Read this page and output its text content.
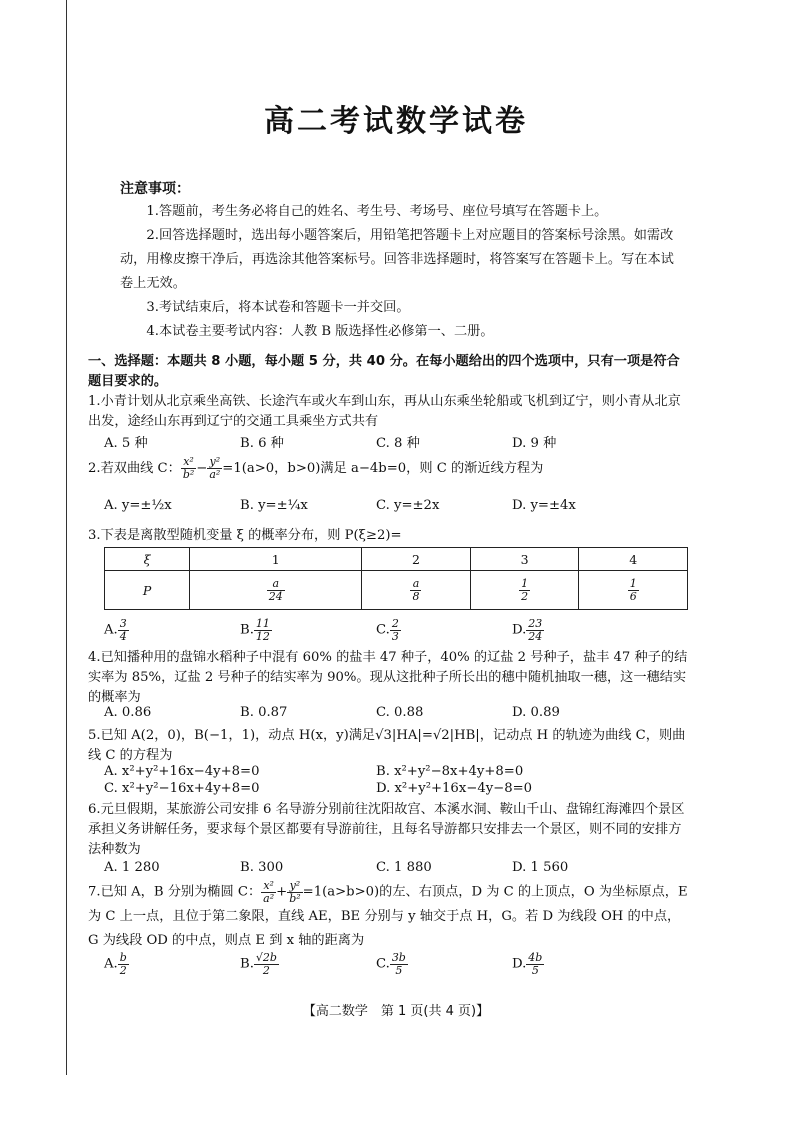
高二考试数学试卷
注意事项：
1.答题前，考生务必将自己的姓名、考生号、考场号、座位号填写在答题卡上。
2.回答选择题时，选出每小题答案后，用铅笔把答题卡上对应题目的答案标号涂黑。如需改动，用橡皮擦干净后，再选涂其他答案标号。回答非选择题时，将答案写在答题卡上。写在本试卷上无效。
3.考试结束后，将本试卷和答题卡一并交回。
4.本试卷主要考试内容：人教 B 版选择性必修第一、二册。
一、选择题：本题共 8 小题，每小题 5 分，共 40 分。在每小题给出的四个选项中，只有一项是符合题目要求的。
1.小青计划从北京乘坐高铁、长途汽车或火车到山东，再从山东乘坐轮船或飞机到辽宁，则小青从北京出发，途经山东再到辽宁的交通工具乘坐方式共有
A. 5 种	B. 6 种	C. 8 种	D. 9 种
2.若双曲线 C： $\frac{\text{x²}}{\text{b²}} - \frac{\text{y²}}{\text{a²}} =1(a>0$，b>0)满足 a−4b=0，则 C 的渐近线方程为
A. y=±½x	B. y=±¼x	C. y=±2x	D. y=±4x
3.下表是离散型随机变量 ξ 的概率分布，则 P(ξ≥2)=
ξ	1	2	3	4
P	$\frac{a}{24}$	$\frac{a}{8}$	$\frac{1}{2}$	$\frac{1}{6}$
A. $\frac{3}{4}$	B. $\frac{11}{12}$	C. $\frac{2}{3}$	D. $\frac{23}{24}$
4.已知播种用的盘锦水稻种子中混有 60% 的盐丰 47 种子，40% 的辽盐 2 号种子，盐丰 47 种子的结实率为 85%，辽盐 2 号种子的结实率为 90%。现从这批种子所长出的穗中随机抽取一穗，这一穗结实的概率为
A. 0.86	B. 0.87	C. 0.88	D. 0.89
5.已知 A(2，0)，B(−1，1)，动点 H(x，y)满足√3|HA|=√2|HB|，记动点 H 的轨迹为曲线 C，则曲线 C 的方程为
A. x²+y²+16x−4y+8=0	B. x²+y²−8x+4y+8=0
C. x²+y²−16x+4y+8=0	D. x²+y²+16x−4y−8=0
6.元旦假期，某旅游公司安排 6 名导游分别前往沈阳故宫、本溪水洞、鞍山千山、盘锦红海滩四个景区承担义务讲解任务，要求每个景区都要有导游前往，且每名导游都只安排去一个景区，则不同的安排方法种数为
A. 1 280	B. 300	C. 1 880	D. 1 560
7.已知 A，B 分别为椭圆 C： $\frac{\text{x²}}{\text{a²}} + \frac{\text{y²}}{\text{b²}} =1(a>b>0)$的左、右顶点，D 为 C 的上顶点，O 为坐标原点，E 为 C 上一点，且位于第二象限，直线 AE，BE 分别与 y 轴交于点 H，G。若 D 为线段 OH 的中点，G 为线段 OD 的中点，则点 E 到 x 轴的距离为
A. $\frac{b}{2}$	B. $\frac{√2b}{2}$	C. $\frac{3b}{5}$	D. $\frac{4b}{5}$
【高二数学　第 1 页(共 4 页)】
